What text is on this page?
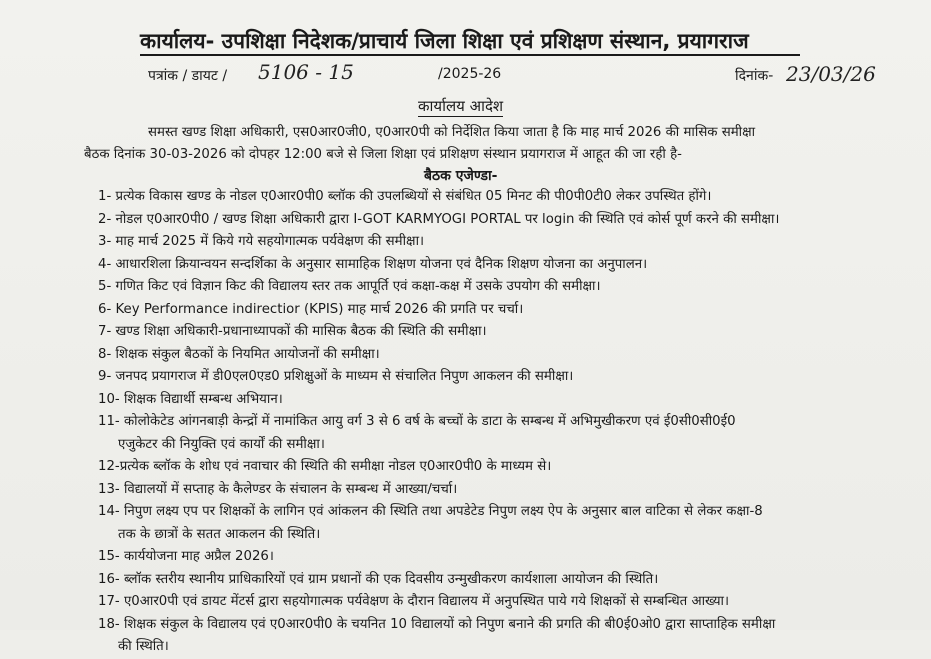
कार्यालय- उपशिक्षा निदेशक/प्राचार्य जिला शिक्षा एवं प्रशिक्षण संस्थान, प्रयागराज
पत्रांक / डायट / 5106 - 15	/2025-26	दिनांक- 23/03/26
कार्यालय आदेश
समस्त खण्ड शिक्षा अधिकारी, एस0आर0जी0, ए0आर0पी को निर्देशित किया जाता है कि माह मार्च 2026 की मासिक समीक्षा
बैठक दिनांक 30-03-2026 को दोपहर 12:00 बजे से जिला शिक्षा एवं प्रशिक्षण संस्थान प्रयागराज में आहूत की जा रही है-
बैठक एजेण्डा-
1- प्रत्येक विकास खण्ड के नोडल ए0आर0पी0 ब्लॉक की उपलब्धियों से संबंधित 05 मिनट की पी0पी0टी0 लेकर उपस्थित होंगे।
2- नोडल ए0आर0पी0 / खण्ड शिक्षा अधिकारी द्वारा I-GOT KARMYOGI PORTAL पर login की स्थिति एवं कोर्स पूर्ण करने की समीक्षा।
3- माह मार्च 2025 में किये गये सहयोगात्मक पर्यवेक्षण की समीक्षा।
4- आधारशिला क्रियान्वयन सन्दर्शिका के अनुसार सामाहिक शिक्षण योजना एवं दैनिक शिक्षण योजना का अनुपालन।
5- गणित किट एवं विज्ञान किट की विद्यालय स्तर तक आपूर्ति एवं कक्षा-कक्ष में उसके उपयोग की समीक्षा।
6- Key Performance indirectior (KPIS) माह मार्च 2026 की प्रगति पर चर्चा।
7- खण्ड शिक्षा अधिकारी-प्रधानाध्यापकों की मासिक बैठक की स्थिति की समीक्षा।
8- शिक्षक संकुल बैठकों के नियमित आयोजनों की समीक्षा।
9- जनपद प्रयागराज में डी0एल0एड0 प्रशिक्षुओं के माध्यम से संचालित निपुण आकलन की समीक्षा।
10- शिक्षक विद्यार्थी सम्बन्ध अभियान।
11- कोलोकेटेड आंगनबाड़ी केन्द्रों में नामांकित आयु वर्ग 3 से 6 वर्ष के बच्चों के डाटा के सम्बन्ध में अभिमुखीकरण एवं ई0सी0सी0ई0
एजुकेटर की नियुक्ति एवं कार्यों की समीक्षा।
12-प्रत्येक ब्लॉक के शोध एवं नवाचार की स्थिति की समीक्षा नोडल ए0आर0पी0 के माध्यम से।
13- विद्यालयों में सप्ताह के कैलेण्डर के संचालन के सम्बन्ध में आख्या/चर्चा।
14- निपुण लक्ष्य एप पर शिक्षकों के लागिन एवं आंकलन की स्थिति तथा अपडेटेड निपुण लक्ष्य ऐप के अनुसार बाल वाटिका से लेकर कक्षा-8
तक के छात्रों के सतत आकलन की स्थिति।
15- कार्ययोजना माह अप्रैल 2026।
16- ब्लॉक स्तरीय स्थानीय प्राधिकारियों एवं ग्राम प्रधानों की एक दिवसीय उन्मुखीकरण कार्यशाला आयोजन की स्थिति।
17- ए0आर0पी एवं डायट मेंटर्स द्वारा सहयोगात्मक पर्यवेक्षण के दौरान विद्यालय में अनुपस्थित पाये गये शिक्षकों से सम्बन्धित आख्या।
18- शिक्षक संकुल के विद्यालय एवं ए0आर0पी0 के चयनित 10 विद्यालयों को निपुण बनाने की प्रगति की बी0ई0ओ0 द्वारा साप्ताहिक समीक्षा
की स्थिति।
